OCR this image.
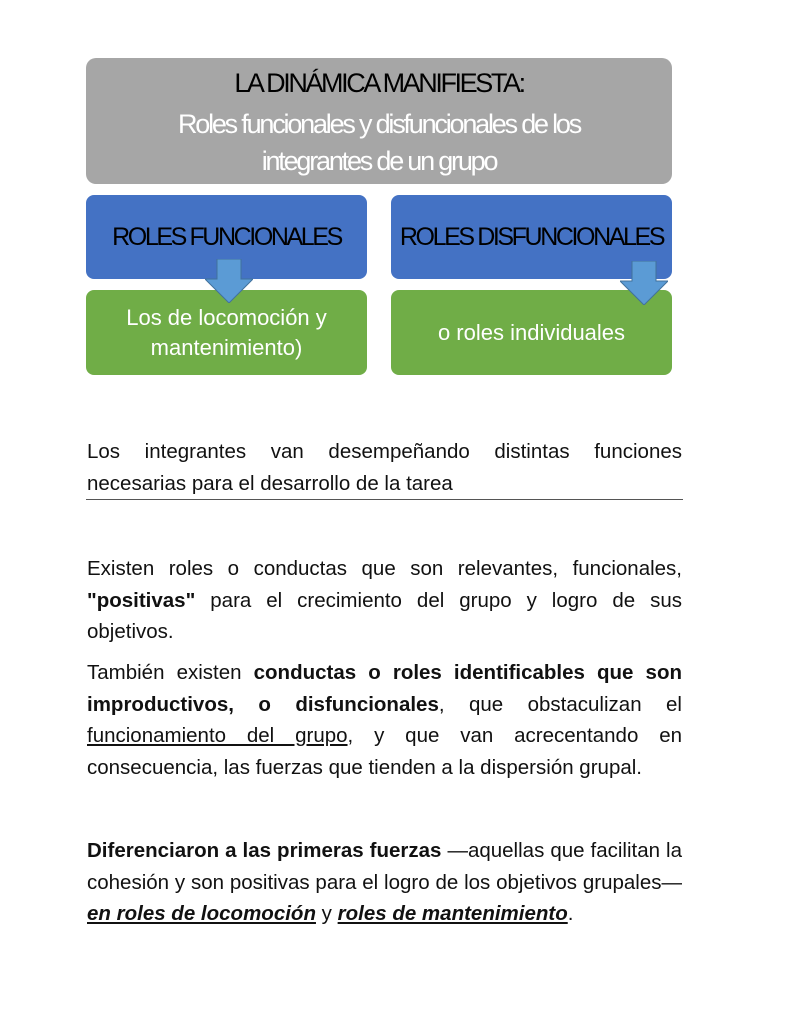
LA DINÁMICA MANIFIESTA:
Roles funcionales y disfuncionales de los
integrantes de un grupo
ROLES FUNCIONALES ROLES DISFUNCIONALES
Los de locomoción y
mantenimiento)
o roles individuales
Los integrantes van desempeñando distintas funciones necesarias para el desarrollo de la tarea
Existen roles o conductas que son relevantes, funcionales, "positivas" para el crecimiento del grupo y logro de sus objetivos.
También existen conductas o roles identificables que son improductivos, o disfuncionales, que obstaculizan el funcionamiento del grupo, y que van acrecentando en consecuencia, las fuerzas que tienden a la dispersión grupal.
Diferenciaron a las primeras fuerzas —aquellas que facilitan la cohesión y son positivas para el logro de los objetivos grupales— en roles de locomoción y roles de mantenimiento.
